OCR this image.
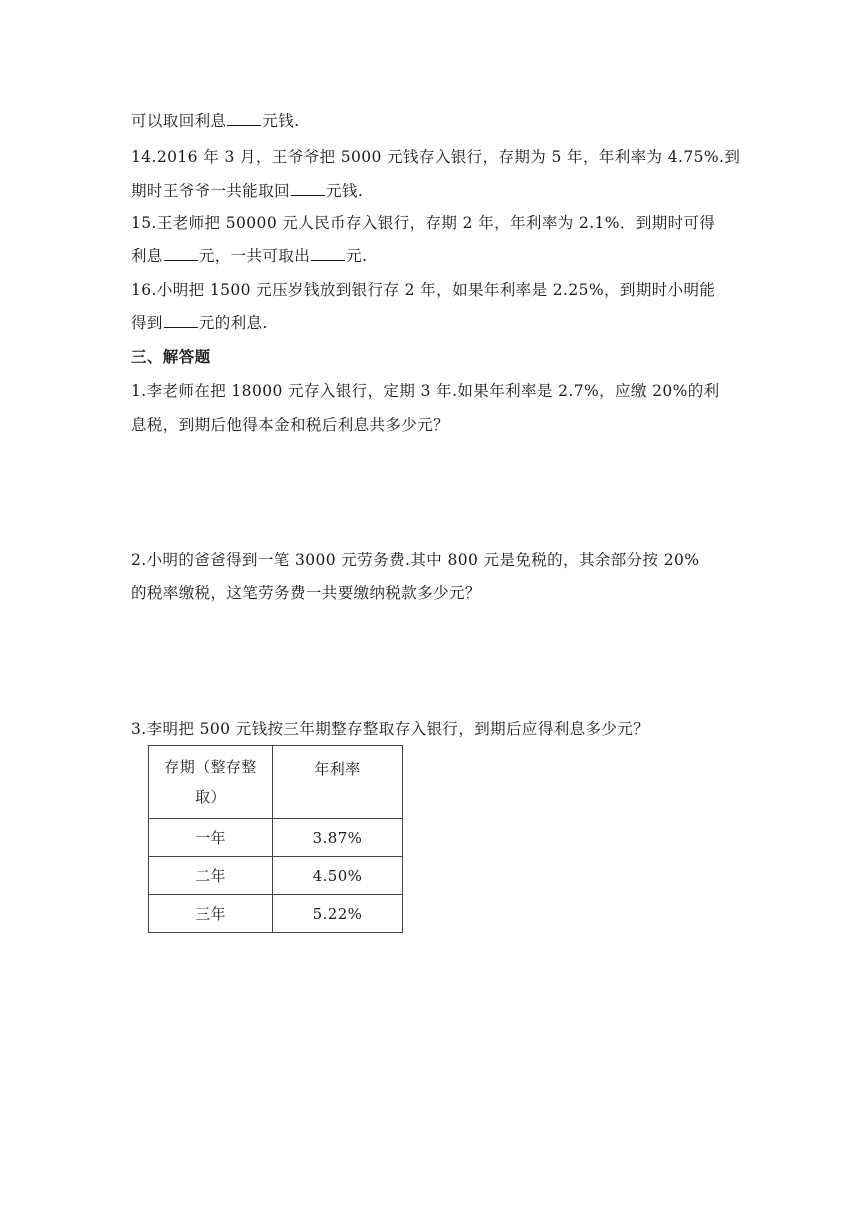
可以取回利息 元钱.
14.2016 年 3 月，王爷爷把 5000 元钱存入银行，存期为 5 年，年利率为 4.75%.到
期时王爷爷一共能取回 元钱.
15.王老师把 50000 元人民币存入银行，存期 2 年，年利率为 2.1%．到期时可得
利息 元，一共可取出 元.
16.小明把 1500 元压岁钱放到银行存 2 年，如果年利率是 2.25%，到期时小明能
得到 元的利息.
三、解答题
1.李老师在把 18000 元存入银行，定期 3 年.如果年利率是 2.7%，应缴 20%的利
息税，到期后他得本金和税后利息共多少元？
2.小明的爸爸得到一笔 3000 元劳务费.其中 800 元是免税的，其余部分按 20%
的税率缴税，这笔劳务费一共要缴纳税款多少元？
3.李明把 500 元钱按三年期整存整取存入银行，到期后应得利息多少元？
存期（整存整
取）	年利率
一年	3.87%
二年	4.50%
三年	5.22%
